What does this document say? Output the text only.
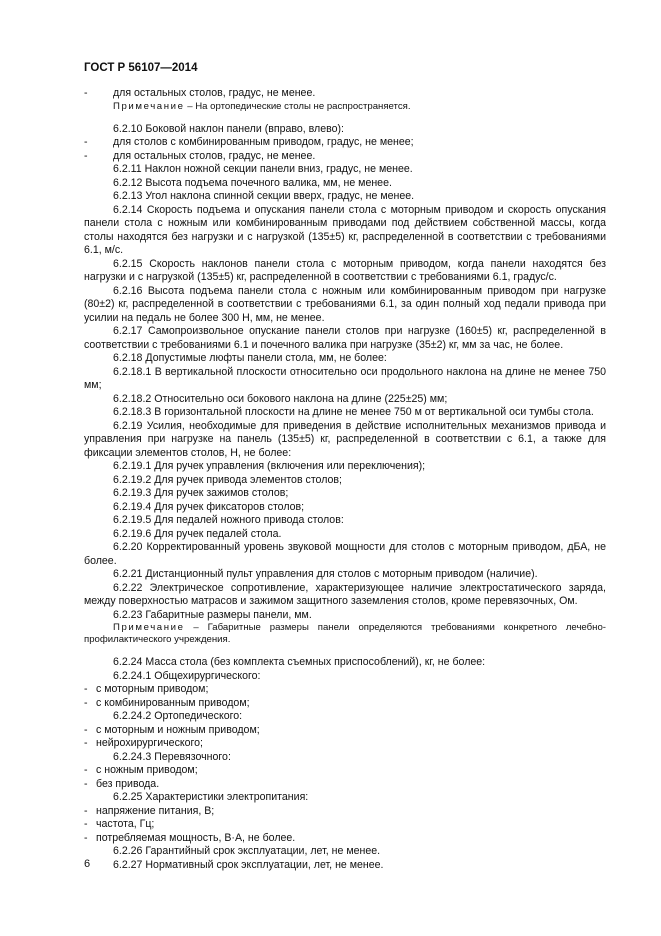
ГОСТ Р 56107—2014
-	для остальных столов, градус, не менее.

Примечание – На ортопедические столы не распространяется.

6.2.10 Боковой наклон панели (вправо, влево):

-	для столов с комбинированным приводом, градус, не менее;
-	для остальных столов, градус, не менее.

6.2.11 Наклон ножной секции панели вниз, градус, не менее.

6.2.12 Высота подъема почечного валика, мм, не менее.

6.2.13 Угол наклона спинной секции вверх, градус, не менее.

6.2.14 Скорость подъема и опускания панели стола с моторным приводом и скорость опускания панели стола с ножным или комбинированным приводами под действием собственной массы, когда столы находятся без нагрузки и с нагрузкой (135±5) кг, распределенной в соответствии с требованиями 6.1, м/с.

6.2.15 Скорость наклонов панели стола с моторным приводом, когда панели находятся без нагрузки и с нагрузкой (135±5) кг, распределенной в соответствии с требованиями 6.1, градус/с.

6.2.16 Высота подъема панели стола с ножным или комбинированным приводом при нагрузке (80±2) кг, распределенной в соответствии с требованиями 6.1, за один полный ход педали привода при усилии на педаль не более 300 Н, мм, не менее.

6.2.17 Самопроизвольное опускание панели столов при нагрузке (160±5) кг, распределенной в соответствии с требованиями 6.1 и почечного валика при нагрузке (35±2) кг, мм за час, не более.

6.2.18 Допустимые люфты панели стола, мм, не более:

6.2.18.1 В вертикальной плоскости относительно оси продольного наклона на длине не менее 750 мм;

6.2.18.2 Относительно оси бокового наклона на длине (225±25) мм;

6.2.18.3 В горизонтальной плоскости на длине не менее 750 м от вертикальной оси тумбы стола.

6.2.19 Усилия, необходимые для приведения в действие исполнительных механизмов привода и управления при нагрузке на панель (135±5) кг, распределенной в соответствии с 6.1, а также для фиксации элементов столов, Н, не более:

6.2.19.1 Для ручек управления (включения или переключения);

6.2.19.2 Для ручек привода элементов столов;

6.2.19.3 Для ручек зажимов столов;

6.2.19.4 Для ручек фиксаторов столов;

6.2.19.5 Для педалей ножного привода столов:

6.2.19.6 Для ручек педалей стола.

6.2.20 Корректированный уровень звуковой мощности для столов с моторным приводом, дБА, не более.

6.2.21 Дистанционный пульт управления для столов с моторным приводом (наличие).

6.2.22 Электрическое сопротивление, характеризующее наличие электростатического заряда, между поверхностью матрасов и зажимом защитного заземления столов, кроме перевязочных, Ом.

6.2.23 Габаритные размеры панели, мм.

Примечание – Габаритные размеры панели определяются требованиями конкретного лечебно-профилактического учреждения.

6.2.24 Масса стола (без комплекта съемных приспособлений), кг, не более:

6.2.24.1 Общехирургического:

- с моторным приводом;
- с комбинированным приводом;

6.2.24.2 Ортопедического:

- с моторным и ножным приводом;
- нейрохирургического;

6.2.24.3 Перевязочного:

- с ножным приводом;
- без привода.

6.2.25 Характеристики электропитания:

- напряжение питания, В;
- частота, Гц;
- потребляемая мощность, В·А, не более.

6.2.26 Гарантийный срок эксплуатации, лет, не менее.

6.2.27 Нормативный срок эксплуатации, лет, не менее.

6
